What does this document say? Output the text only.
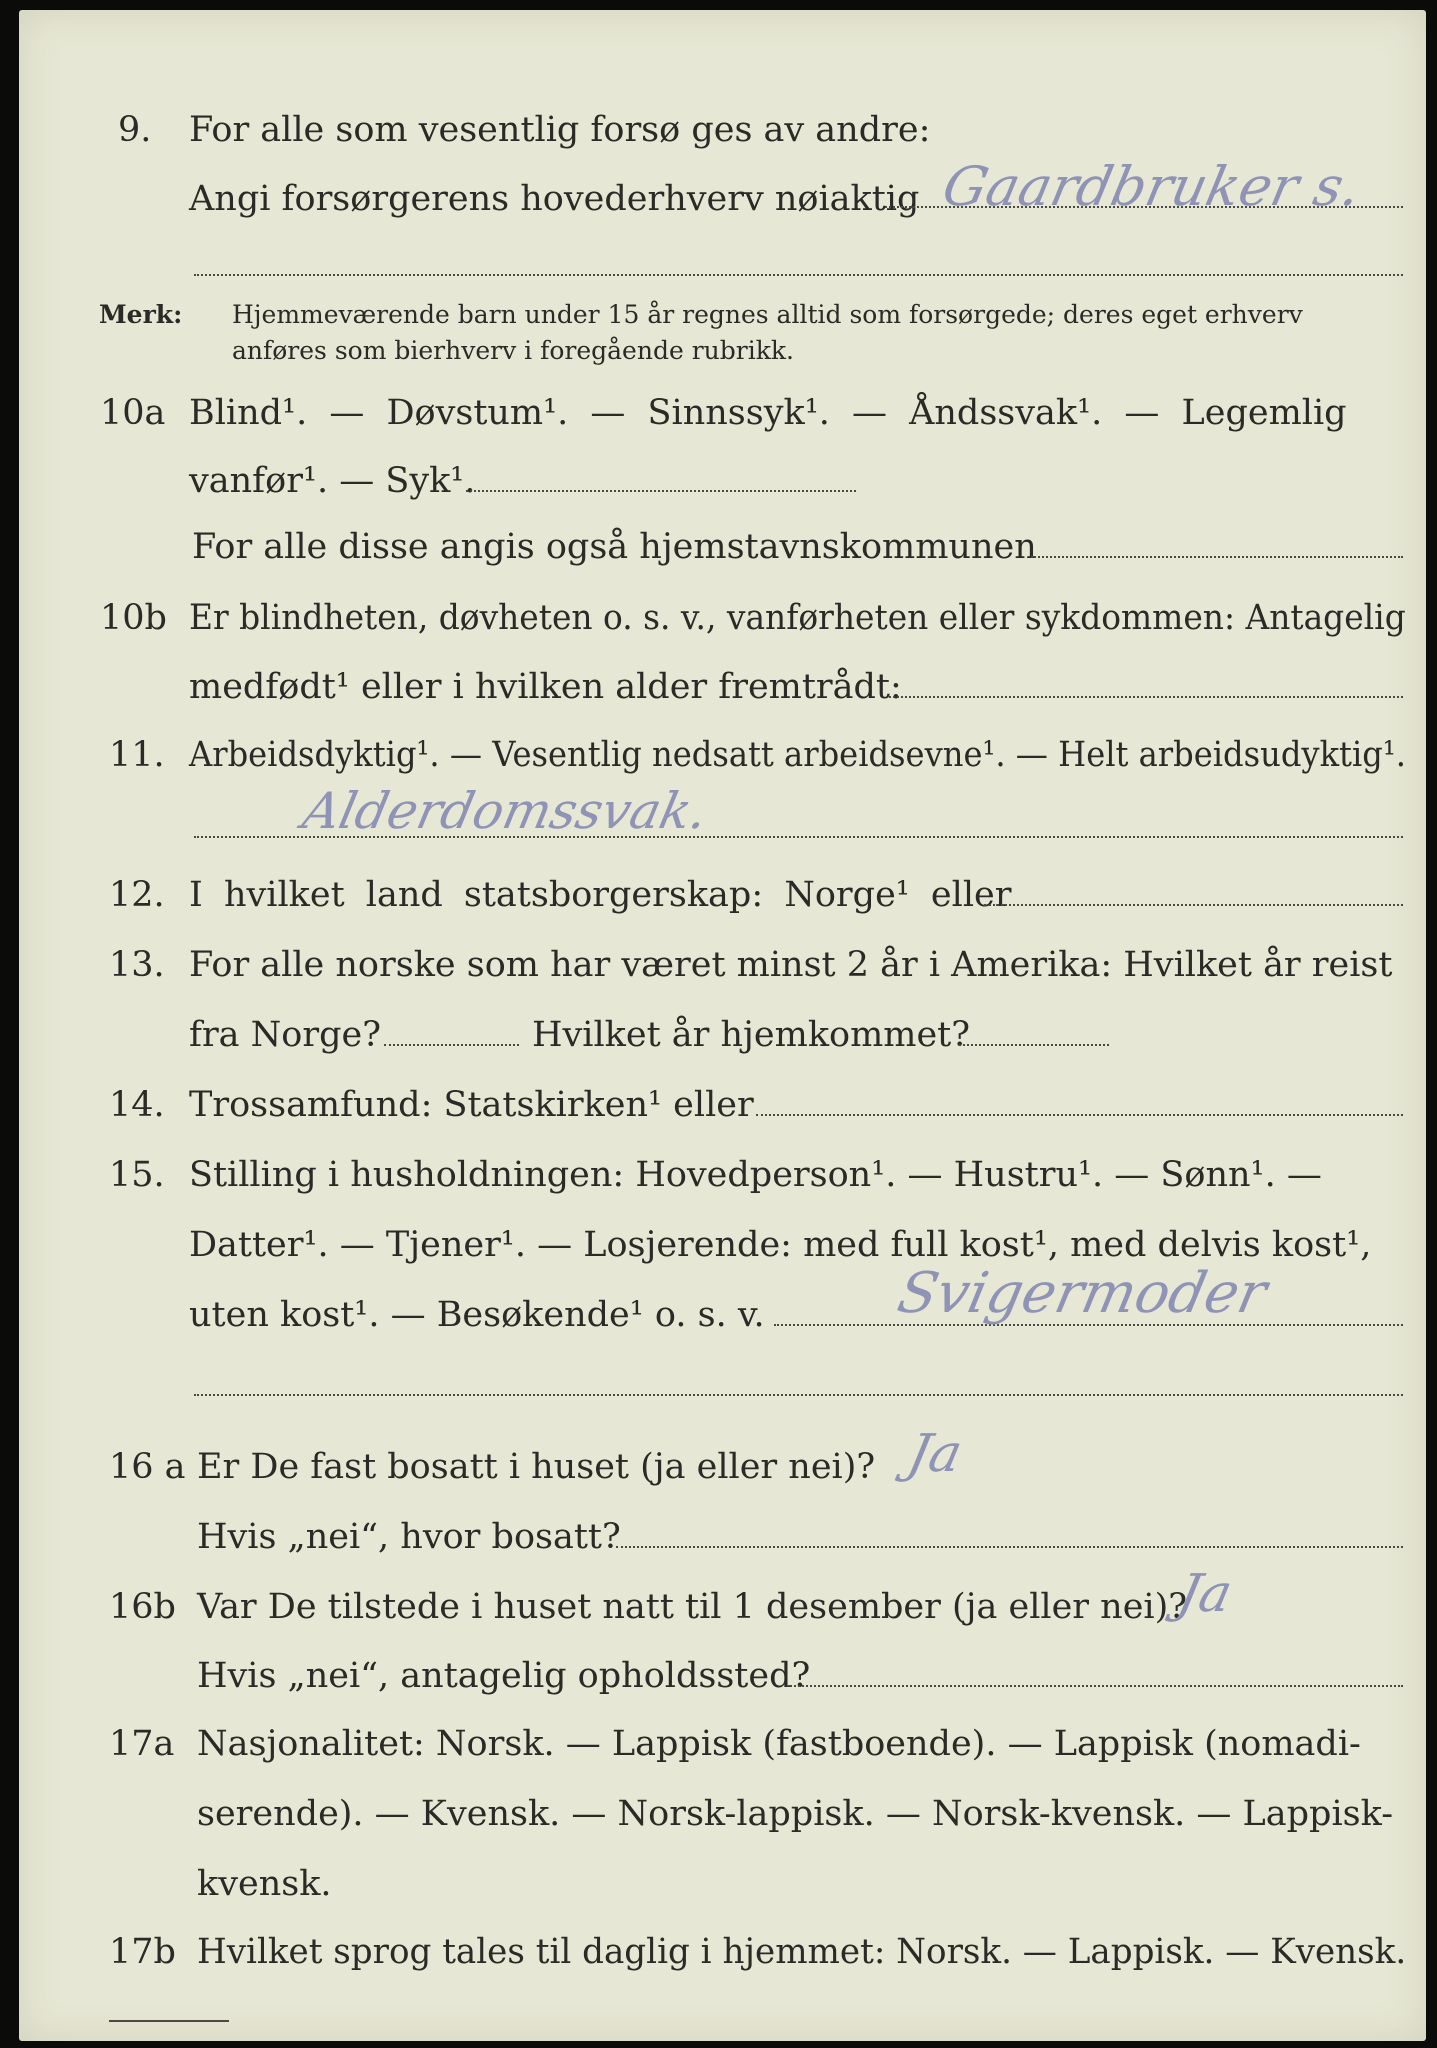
9. For alle som vesentlig forsø ges av andre:
Angi forsørgerens hovederhverv nøiaktig Gaardbruker s.
Merk: Hjemmeværende barn under 15 år regnes alltid som forsørgede; deres eget erhverv
anføres som bierhverv i foregående rubrikk.
10a Blind¹. — Døvstum¹. — Sinnssyk¹. — Åndssvak¹. — Legemlig
vanfør¹. — Syk¹.
For alle disse angis også hjemstavnskommunen
10b Er blindheten, døvheten o. s. v., vanførheten eller sykdommen: Antagelig
medfødt¹ eller i hvilken alder fremtrådt:
11. Arbeidsdyktig¹. — Vesentlig nedsatt arbeidsevne¹. — Helt arbeidsudyktig¹.
Alderdomssvak.
12. I hvilket land statsborgerskap: Norge¹ eller
13. For alle norske som har været minst 2 år i Amerika: Hvilket år reist
fra Norge?	Hvilket år hjemkommet?
14. Trossamfund: Statskirken¹ eller
15. Stilling i husholdningen: Hovedperson¹. — Hustru¹. — Sønn¹. —
Datter¹. — Tjener¹. — Losjerende: med full kost¹, med delvis kost¹,
uten kost¹. — Besøkende¹ o. s. v. Svigermoder
16 a Er De fast bosatt i huset (ja eller nei)? Ja
Hvis „nei“, hvor bosatt?
16b Var De tilstede i huset natt til 1 desember (ja eller nei)?
Ja
Hvis „nei“, antagelig opholdssted?
17a Nasjonalitet: Norsk. — Lappisk (fastboende). — Lappisk (nomadi-
serende). — Kvensk. — Norsk-lappisk. — Norsk-kvensk. — Lappisk-
kvensk.
17b Hvilket sprog tales til daglig i hjemmet: Norsk. — Lappisk. — Kvensk.
